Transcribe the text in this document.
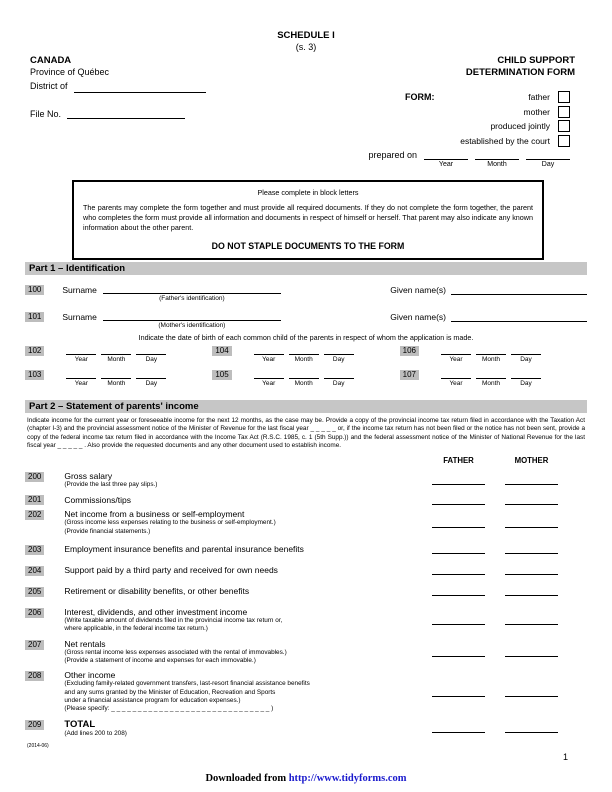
SCHEDULE I
(s. 3)
CANADA
Province of Québec
District of
File No.
CHILD SUPPORT
DETERMINATION FORM
FORM:	father
mother
produced jointly
established by the court
prepared on
Year	Month	Day
Please complete in block letters
The parents may complete the form together and must provide all required documents. If they do not complete the form together, the parent who completes the form must provide all information and documents in respect of himself or herself. That parent may also indicate any known information about the other parent.
DO NOT STAPLE DOCUMENTS TO THE FORM
Part 1 – Identification
100	Surname
(Father's identification)
Given name(s)
101	Surname
(Mother's identification)
Given name(s)
Indicate the date of birth of each common child of the parents in respect of whom the application is made.
102
Year	Month	Day
104
Year	Month	Day
106
Year	Month	Day
103
Year	Month	Day
105
Year	Month	Day
107
Year	Month	Day
Part 2 – Statement of parents' income
Indicate income for the current year or foreseeable income for the next 12 months, as the case may be. Provide a copy of the provincial income tax return filed in accordance with the Taxation Act (chapter I-3) and the provincial assessment notice of the Minister of Revenue for the last fiscal year _ _ _ _ _ or, if the income tax return has not been filed or the notice has not been sent, provide a copy of the federal income tax return filed in accordance with the Income Tax Act (R.S.C. 1985, c. 1 (5th Supp.)) and the federal assessment notice of the Minister of National Revenue for the last fiscal year _ _ _ _ _ . Also provide the requested documents and any other document used to establish income.
FATHER	MOTHER
200	Gross salary
(Provide the last three pay slips.)
201	Commissions/tips
202	Net income from a business or self-employment
(Gross income less expenses relating to the business or self-employment.)
(Provide financial statements.)
203	Employment insurance benefits and parental insurance benefits
204	Support paid by a third party and received for own needs
205	Retirement or disability benefits, or other benefits
206	Interest, dividends, and other investment income
(Write taxable amount of dividends filed in the provincial income tax return or,
where applicable, in the federal income tax return.)
207	Net rentals
(Gross rental income less expenses associated with the rental of immovables.)
(Provide a statement of income and expenses for each immovable.)
208	Other income
(Excluding family-related government transfers, last-resort financial assistance benefits
and any sums granted by the Minister of Education, Recreation and Sports
under a financial assistance program for education expenses.)
(Please specify: _ _ _ _ _ _ _ _ _ _ _ _ _ _ _ _ _ _ _ _ _ _ _ _ _ _ _ _ _ _ )
209	TOTAL
(Add lines 200 to 208)
(2014-06)
1
Downloaded from http://www.tidyforms.com
